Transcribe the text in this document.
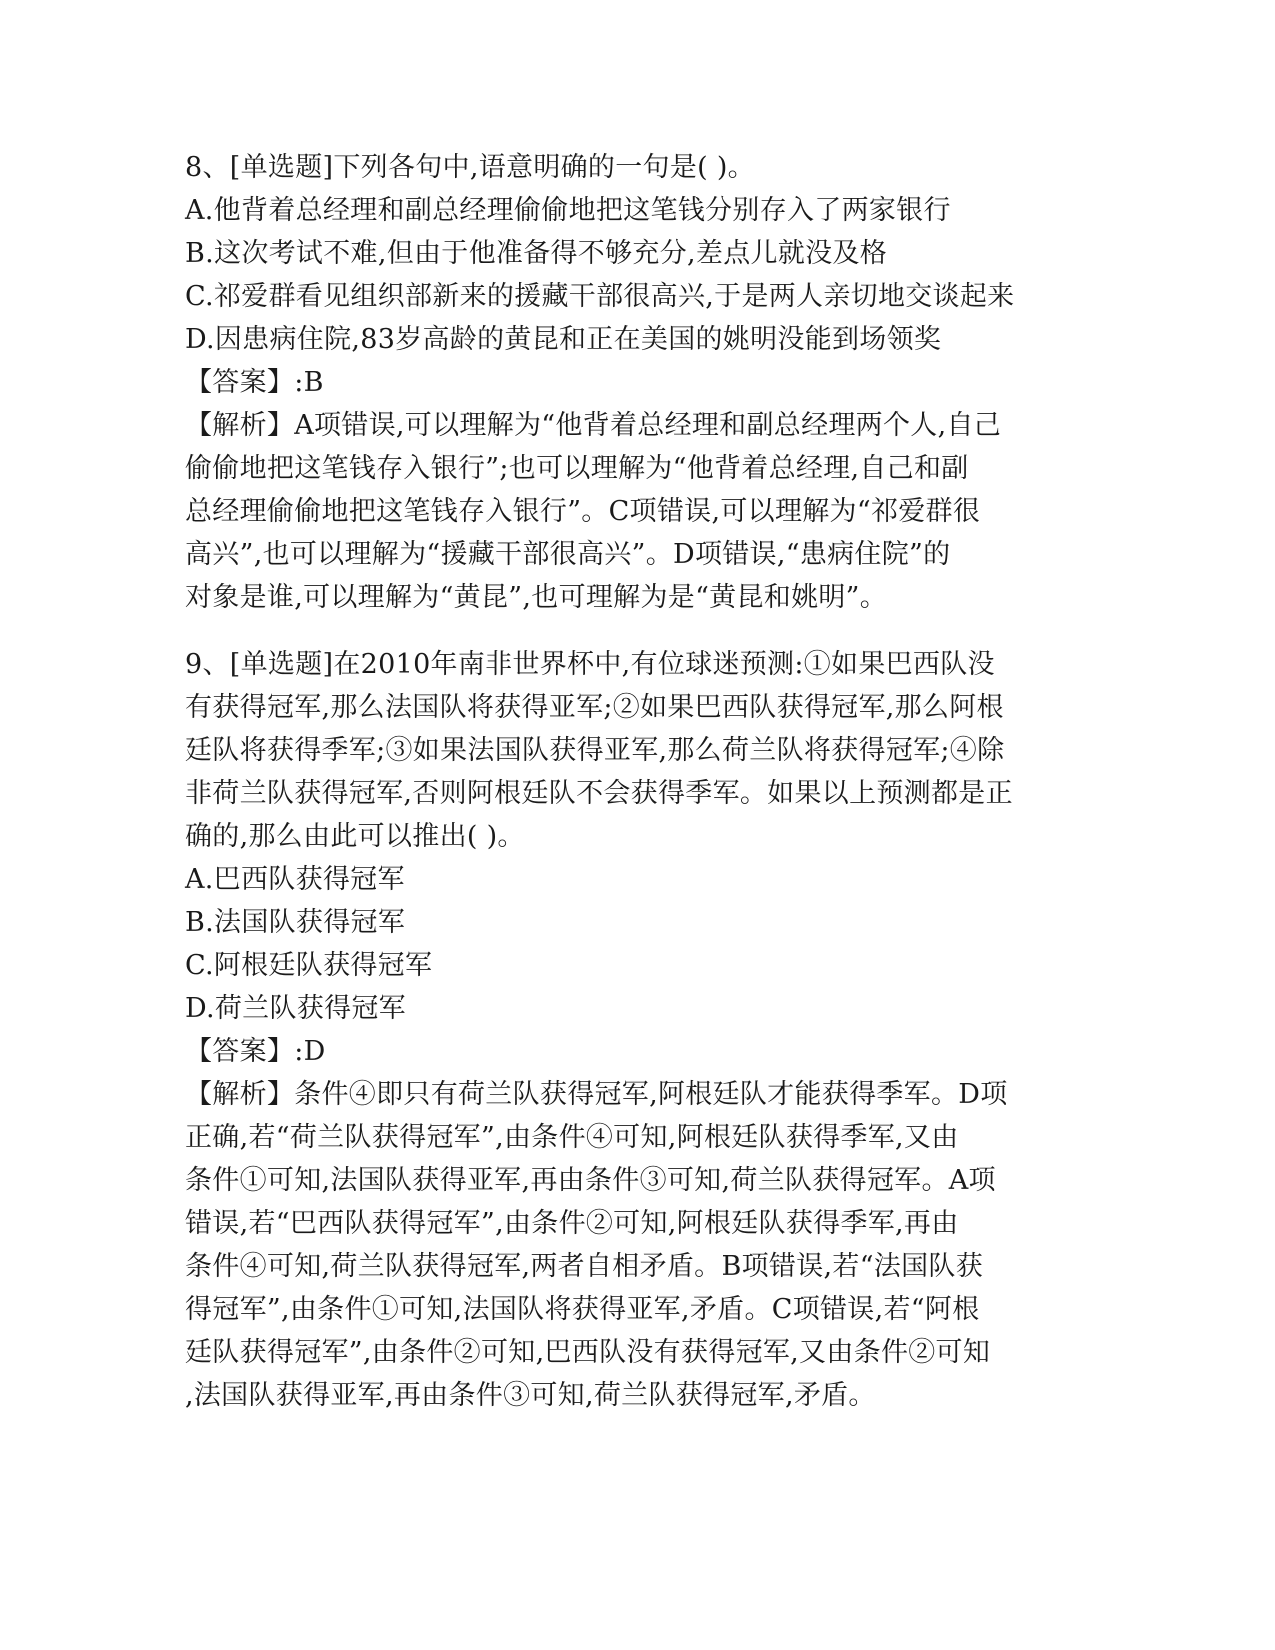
8、[单选题]下列各句中,语意明确的一句是( )。
A.他背着总经理和副总经理偷偷地把这笔钱分别存入了两家银行
B.这次考试不难,但由于他准备得不够充分,差点儿就没及格
C.祁爱群看见组织部新来的援藏干部很高兴,于是两人亲切地交谈起来
D.因患病住院,83岁高龄的黄昆和正在美国的姚明没能到场领奖
【答案】:B
【解析】A项错误,可以理解为“他背着总经理和副总经理两个人,自己
偷偷地把这笔钱存入银行”;也可以理解为“他背着总经理,自己和副
总经理偷偷地把这笔钱存入银行”。C项错误,可以理解为“祁爱群很
高兴”,也可以理解为“援藏干部很高兴”。D项错误,“患病住院”的
对象是谁,可以理解为“黄昆”,也可理解为是“黄昆和姚明”。
9、[单选题]在2010年南非世界杯中,有位球迷预测:①如果巴西队没
有获得冠军,那么法国队将获得亚军;②如果巴西队获得冠军,那么阿根
廷队将获得季军;③如果法国队获得亚军,那么荷兰队将获得冠军;④除
非荷兰队获得冠军,否则阿根廷队不会获得季军。如果以上预测都是正
确的,那么由此可以推出( )。
A.巴西队获得冠军
B.法国队获得冠军
C.阿根廷队获得冠军
D.荷兰队获得冠军
【答案】:D
【解析】条件④即只有荷兰队获得冠军,阿根廷队才能获得季军。D项
正确,若“荷兰队获得冠军”,由条件④可知,阿根廷队获得季军,又由
条件①可知,法国队获得亚军,再由条件③可知,荷兰队获得冠军。A项
错误,若“巴西队获得冠军”,由条件②可知,阿根廷队获得季军,再由
条件④可知,荷兰队获得冠军,两者自相矛盾。B项错误,若“法国队获
得冠军”,由条件①可知,法国队将获得亚军,矛盾。C项错误,若“阿根
廷队获得冠军”,由条件②可知,巴西队没有获得冠军,又由条件②可知
,法国队获得亚军,再由条件③可知,荷兰队获得冠军,矛盾。
